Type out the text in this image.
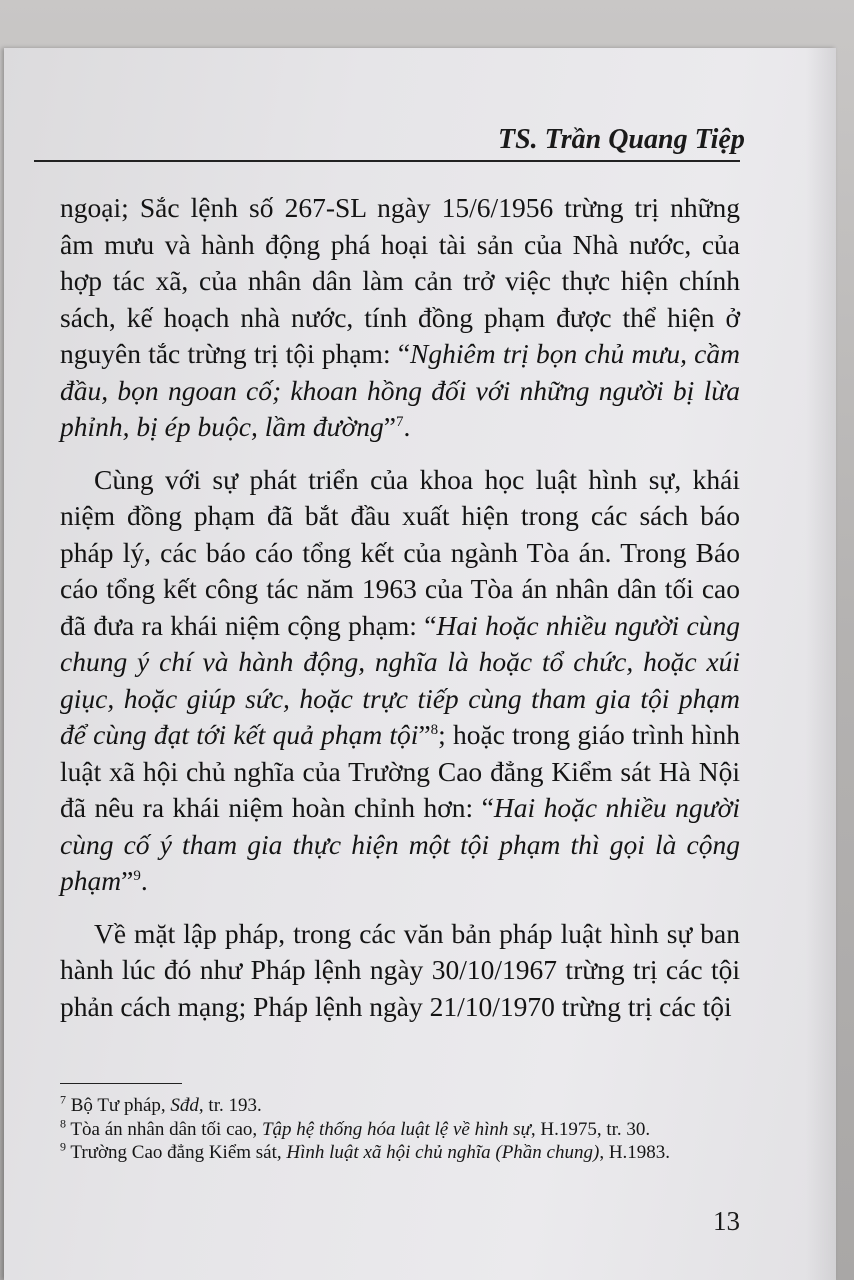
TS. Trần Quang Tiệp

ngoại; Sắc lệnh số 267-SL ngày 15/6/1956 trừng trị những âm mưu và hành động phá hoại tài sản của Nhà nước, của hợp tác xã, của nhân dân làm cản trở việc thực hiện chính sách, kế hoạch nhà nước, tính đồng phạm được thể hiện ở nguyên tắc trừng trị tội phạm: “Nghiêm trị bọn chủ mưu, cầm đầu, bọn ngoan cố; khoan hồng đối với những người bị lừa phỉnh, bị ép buộc, lầm đường”$^7$.

Cùng với sự phát triển của khoa học luật hình sự, khái niệm đồng phạm đã bắt đầu xuất hiện trong các sách báo pháp lý, các báo cáo tổng kết của ngành Tòa án. Trong Báo cáo tổng kết công tác năm 1963 của Tòa án nhân dân tối cao đã đưa ra khái niệm cộng phạm: “Hai hoặc nhiều người cùng chung ý chí và hành động, nghĩa là hoặc tổ chức, hoặc xúi giục, hoặc giúp sức, hoặc trực tiếp cùng tham gia tội phạm để cùng đạt tới kết quả phạm tội”$^8$; hoặc trong giáo trình hình luật xã hội chủ nghĩa của Trường Cao đẳng Kiểm sát Hà Nội đã nêu ra khái niệm hoàn chỉnh hơn: “Hai hoặc nhiều người cùng cố ý tham gia thực hiện một tội phạm thì gọi là cộng phạm”$^9$.

Về mặt lập pháp, trong các văn bản pháp luật hình sự ban hành lúc đó như Pháp lệnh ngày 30/10/1967 trừng trị các tội phản cách mạng; Pháp lệnh ngày 21/10/1970 trừng trị các tội

$^7$ Bộ Tư pháp, Sđd, tr. 193.
$^8$ Tòa án nhân dân tối cao, Tập hệ thống hóa luật lệ về hình sự, H.1975, tr. 30.
$^9$ Trường Cao đẳng Kiểm sát, Hình luật xã hội chủ nghĩa (Phần chung), H.1983.
13
